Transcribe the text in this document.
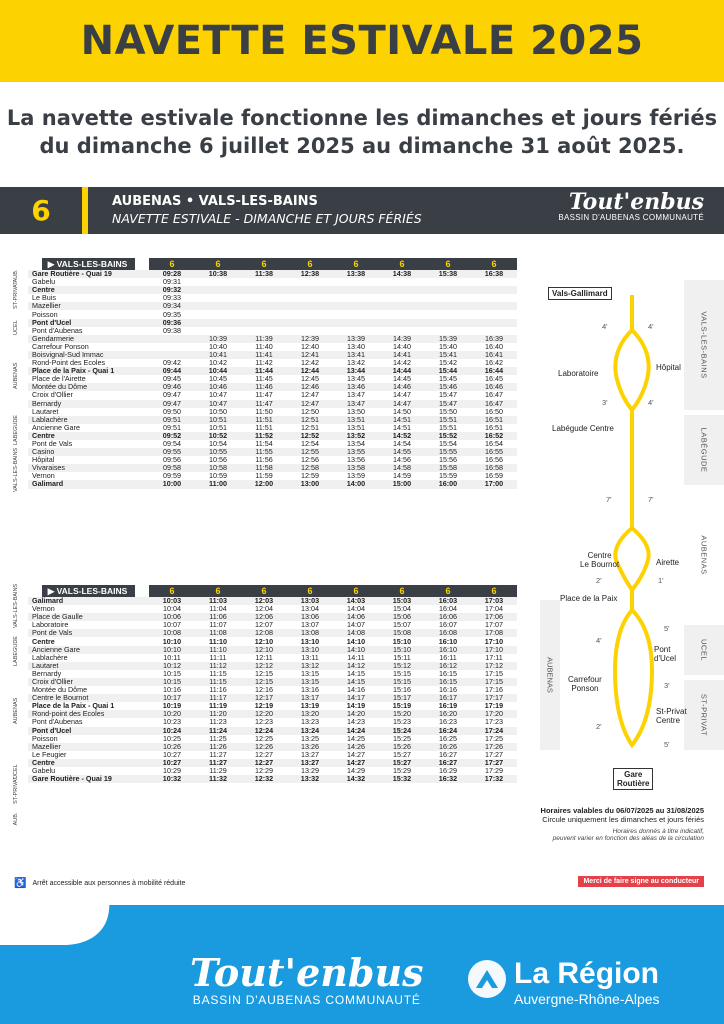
NAVETTE ESTIVALE 2025
La navette estivale fonctionne les dimanches et jours fériés
du dimanche 6 juillet 2025 au dimanche 31 août 2025.
6	AUBENAS • VALS-LES-BAINS
NAVETTE ESTIVALE - DIMANCHE ET JOURS FÉRIÉS
Tout'enbus
BASSIN D'AUBENAS COMMUNAUTÉ
▶ VALS-LES-BAINS	6	6	6	6	6	6	6	6
Gare Routière - Quai 19	09:28	10:38	11:38	12:38	13:38	14:38	15:38	16:38
Gabelu	09:31							
Centre	09:32							
Le Buis	09:33							
Mazellier	09:34							
Poisson	09:35							
Pont d'Ucel	09:36							
Pont d'Aubenas	09:38							
Gendarmerie		10:39	11:39	12:39	13:39	14:39	15:39	16:39
Carrefour Ponson		10:40	11:40	12:40	13:40	14:40	15:40	16:40
Boisvignal-Sud Immac		10:41	11:41	12:41	13:41	14:41	15:41	16:41
Rond-Point des Ecoles	09:42	10:42	11:42	12:42	13:42	14:42	15:42	16:42
Place de la Paix - Quai 1	09:44	10:44	11:44	12:44	13:44	14:44	15:44	16:44
Place de l'Airette	09:45	10:45	11:45	12:45	13:45	14:45	15:45	16:45
Montée du Dôme	09:46	10:46	11:46	12:46	13:46	14:46	15:46	16:46
Croix d'Ollier	09:47	10:47	11:47	12:47	13:47	14:47	15:47	16:47
Bernardy	09:47	10:47	11:47	12:47	13:47	14:47	15:47	16:47
Lautaret	09:50	10:50	11:50	12:50	13:50	14:50	15:50	16:50
Lablachère	09:51	10:51	11:51	12:51	13:51	14:51	15:51	16:51
Ancienne Gare	09:51	10:51	11:51	12:51	13:51	14:51	15:51	16:51
Centre	09:52	10:52	11:52	12:52	13:52	14:52	15:52	16:52
Pont de Vals	09:54	10:54	11:54	12:54	13:54	14:54	15:54	16:54
Casino	09:55	10:55	11:55	12:55	13:55	14:55	15:55	16:55
Hôpital	09:56	10:56	11:56	12:56	13:56	14:56	15:56	16:56
Vivaraises	09:58	10:58	11:58	12:58	13:58	14:58	15:58	16:58
Vernon	09:59	10:59	11:59	12:59	13:59	14:59	15:59	16:59
Galimard	10:00	11:00	12:00	13:00	14:00	15:00	16:00	17:00
▶ VALS-LES-BAINS	6	6	6	6	6	6	6	6
Galimard	10:03	11:03	12:03	13:03	14:03	15:03	16:03	17:03
Vernon	10:04	11:04	12:04	13:04	14:04	15:04	16:04	17:04
Place de Gaulle	10:06	11:06	12:06	13:06	14:06	15:06	16:06	17:06
Laboratoire	10:07	11:07	12:07	13:07	14:07	15:07	16:07	17:07
Pont de Vals	10:08	11:08	12:08	13:08	14:08	15:08	16:08	17:08
Centre	10:10	11:10	12:10	13:10	14:10	15:10	16:10	17:10
Ancienne Gare	10:10	11:10	12:10	13:10	14:10	15:10	16:10	17:10
Lablachère	10:11	11:11	12:11	13:11	14:11	15:11	16:11	17:11
Lautaret	10:12	11:12	12:12	13:12	14:12	15:12	16:12	17:12
Bernardy	10:15	11:15	12:15	13:15	14:15	15:15	16:15	17:15
Croix d'Ollier	10:15	11:15	12:15	13:15	14:15	15:15	16:15	17:15
Montée du Dôme	10:16	11:16	12:16	13:16	14:16	15:16	16:16	17:16
Centre le Bournot	10:17	11:17	12:17	13:17	14:17	15:17	16:17	17:17
Place de la Paix - Quai 1	10:19	11:19	12:19	13:19	14:19	15:19	16:19	17:19
Rond-point des Ecoles	10:20	11:20	12:20	13:20	14:20	15:20	16:20	17:20
Pont d'Aubenas	10:23	11:23	12:23	13:23	14:23	15:23	16:23	17:23
Pont d'Ucel	10:24	11:24	12:24	13:24	14:24	15:24	16:24	17:24
Poisson	10:25	11:25	12:25	13:25	14:25	15:25	16:25	17:25
Mazellier	10:26	11:26	12:26	13:26	14:26	15:26	16:26	17:26
Le Feugier	10:27	11:27	12:27	13:27	14:27	15:27	16:27	17:27
Centre	10:27	11:27	12:27	13:27	14:27	15:27	16:27	17:27
Gabelu	10:29	11:29	12:29	13:29	14:29	15:29	16:29	17:29
Gare Routière - Quai 19	10:32	11:32	12:32	13:32	14:32	15:32	16:32	17:32
AUB.
ST-PRIVAT
UCEL
AUBENAS
LABEGUDE
VALS-LES-BAINS
VALS-LES-BAINS
LABEGUDE
AUBENAS
UCEL
ST-PRIVAT
AUB.
♿ Arrêt accessible aux personnes à mobilité réduite
Horaires valables du 06/07/2025 au 31/08/2025
Circule uniquement les dimanches et jours fériés
Horaires donnés à titre indicatif,
peuvent varier en fonction des aléas de la circulation
Merci de faire signe au conducteur
VALS-LES-BAINS
LABÉGUDE
AUBENAS
UCEL
ST-PRIVAT
AUBENAS
Vals-Gallimard
Laboratoire
Hôpital
Labégude Centre
Centre
Le Bournot	Airette
Place de la Paix
Pont
d'Ucel
Carrefour
Ponson
St-Privat
Centre
Gare
Routière
4'	4'
3'	4'
7'	7'
2'	1'
5'
4'
3'
2'
5'
Tout'enbus
BASSIN D'AUBENAS COMMUNAUTÉ
La Région
Auvergne-Rhône-Alpes
